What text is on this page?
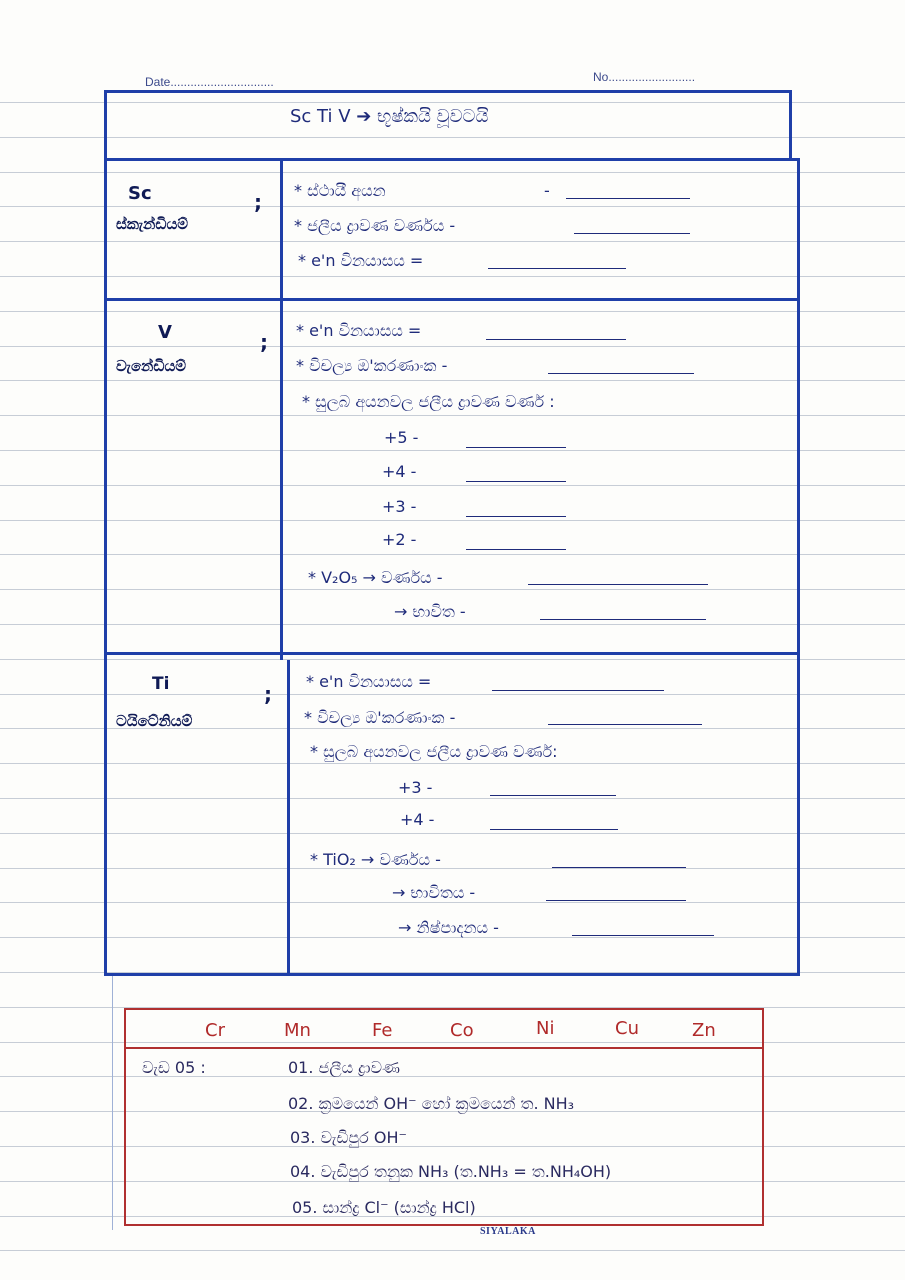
Date...............................	No..........................
Sc Ti V ➔ භූෂ්කයි වූවටයි
Sc	;
ස්කැන්ඩියම්
* ස්ථායී අයන	-
* ජලීය ද්‍රාවණ වර්ණය -
* e'n විනයාසය =
V	;
වැනේඩියම්
* e'n විනයාසය =
* විචල්‍ය ඔ'කරණාංක -
* සුලබ අයනවල ජලීය ද්‍රාවණ වර්ණ :
+5 -
+4 -
+3 -
+2 -
* V₂O₅ → වර්ණය -
→ භාවිත -
Ti	;
ටයිටේනියම්
* e'n විනයාසය =
* විචල්‍ය ඔ'කරණාංක -
* සුලබ අයනවල ජලීය ද්‍රාවණ වර්ණ:
+3 -
+4 -
* TiO₂ → වර්ණය -
→ භාවිතය -
→ නිෂ්පාදනය -
Cr	Mn	Fe	Co	Ni	Cu	Zn
වැඩ 05 :	01. ජලීය ද්‍රාවණ
02. ක්‍රමයෙන් OH⁻ හෝ ක්‍රමයෙන් ත. NH₃
03. වැඩිපුර OH⁻
04. වැඩිපුර තනුක NH₃ (ත.NH₃ = ත.NH₄OH)
05. සාන්ද්‍ර Cl⁻ (සාන්ද්‍ර HCl)
SIYALAKA
